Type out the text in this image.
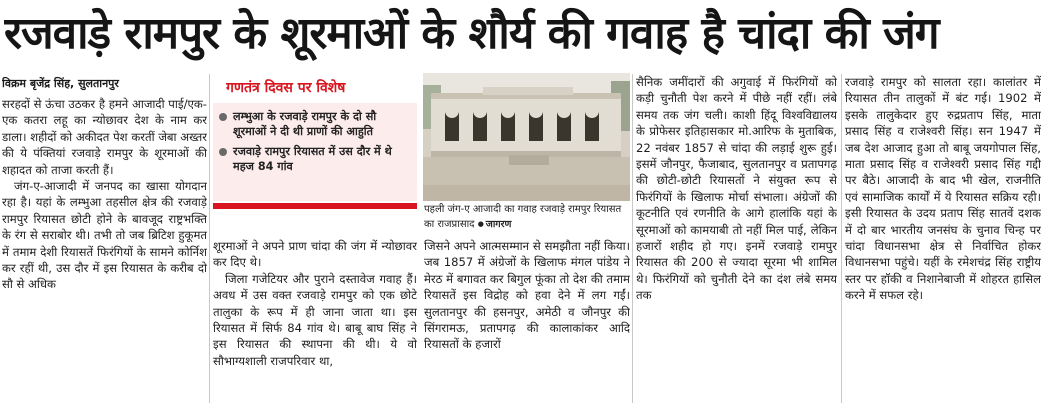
रजवाड़े रामपुर के शूरमाओं के शौर्य की गवाह है चांदा की जंग
विक्रम बृजेंद्र सिंह, सुलतानपुर

सरहदों से ऊंचा उठकर है हमने आजादी पाई/एक-एक कतरा लहू का न्योछावर देश के नाम कर डाला। शहीदों को अकीदत पेश करतीं जेबा अख्तर की ये पंक्तियां रजवाड़े रामपुर के शूरमाओं की शहादत को ताजा करती हैं।

जंग-ए-आजादी में जनपद का खासा योगदान रहा है। यहां के लम्भुआ तहसील क्षेत्र की रजवाड़े रामपुर रियासत छोटी होने के बावजूद राष्ट्रभक्ति के रंग से सराबोर थी। तभी तो जब ब्रिटिश हुकूमत में तमाम देशी रियासतें फिरंगियों के सामने कोर्निश कर रहीं थी, उस दौर में इस रियासत के करीब दो सौ से अधिक

गणतंत्र दिवस पर विशेष
लम्भुआ के रजवाड़े रामपुर के दो सौ शूरमाओं ने दी थी प्राणों की आहुति
रजवाड़े रामपुर रियासत में उस दौर में थे महज 84 गांव

शूरमाओं ने अपने प्राण चांदा की जंग में न्योछावर कर दिए थे।

जिला गजेटियर और पुराने दस्तावेज गवाह हैं। अवध में उस वक्त रजवाड़े रामपुर को एक छोटे तालुका के रूप में ही जाना जाता था। इस रियासत में सिर्फ 84 गांव थे। बाबू बाघ सिंह ने इस रियासत की स्थापना की थी। ये वो सौभाग्यशाली राजपरिवार था,

पहली जंग-ए आजादी का गवाह रजवाड़े रामपुर रियासत का राजप्रासाद ● जागरण

जिसने अपने आत्मसम्मान से समझौता नहीं किया। जब 1857 में अंग्रेजों के खिलाफ मंगल पांडेय ने मेरठ में बगावत कर बिगुल फूंका तो देश की तमाम रियासतें इस विद्रोह को हवा देने में लग गईं। सुलतानपुर की हसनपुर, अमेठी व जौनपुर की सिंगरामऊ, प्रतापगढ़ की कालाकांकर आदि रियासतों के हजारों

सैनिक जमींदारों की अगुवाई में फिरंगियों को कड़ी चुनौती पेश करने में पीछे नहीं रहीं। लंबे समय तक जंग चली। काशी हिंदू विश्वविद्यालय के प्रोफेसर इतिहासकार मो.आरिफ के मुताबिक, 22 नवंबर 1857 से चांदा की लड़ाई शुरू हुई। इसमें जौनपुर, फैजाबाद, सुलतानपुर व प्रतापगढ़ की छोटी-छोटी रियासतों ने संयुक्त रूप से फिरंगियों के खिलाफ मोर्चा संभाला। अंग्रेजों की कूटनीति एवं रणनीति के आगे हालांकि यहां के सूरमाओं को कामयाबी तो नहीं मिल पाई, लेकिन हजारों शहीद हो गए। इनमें रजवाड़े रामपुर रियासत की 200 से ज्यादा सूरमा भी शामिल थे। फिरंगियों को चुनौती देने का दंश लंबे समय तक

रजवाड़े रामपुर को सालता रहा। कालांतर में रियासत तीन तालुकों में बंट गई। 1902 में इसके तालुकेदार हुए रुद्रप्रताप सिंह, माता प्रसाद सिंह व राजेश्वरी सिंह। सन 1947 में जब देश आजाद हुआ तो बाबू जयगोपाल सिंह, माता प्रसाद सिंह व राजेश्वरी प्रसाद सिंह गद्दी पर बैठे। आजादी के बाद भी खेल, राजनीति एवं सामाजिक कार्यों में ये रियासत सक्रिय रही। इसी रियासत के उदय प्रताप सिंह सातवें दशक में दो बार भारतीय जनसंघ के चुनाव चिन्ह पर चांदा विधानसभा क्षेत्र से निर्वाचित होकर विधानसभा पहुंचे। यहीं के रमेशचंद्र सिंह राष्ट्रीय स्तर पर हॉकी व निशानेबाजी में शोहरत हासिल करने में सफल रहे।
